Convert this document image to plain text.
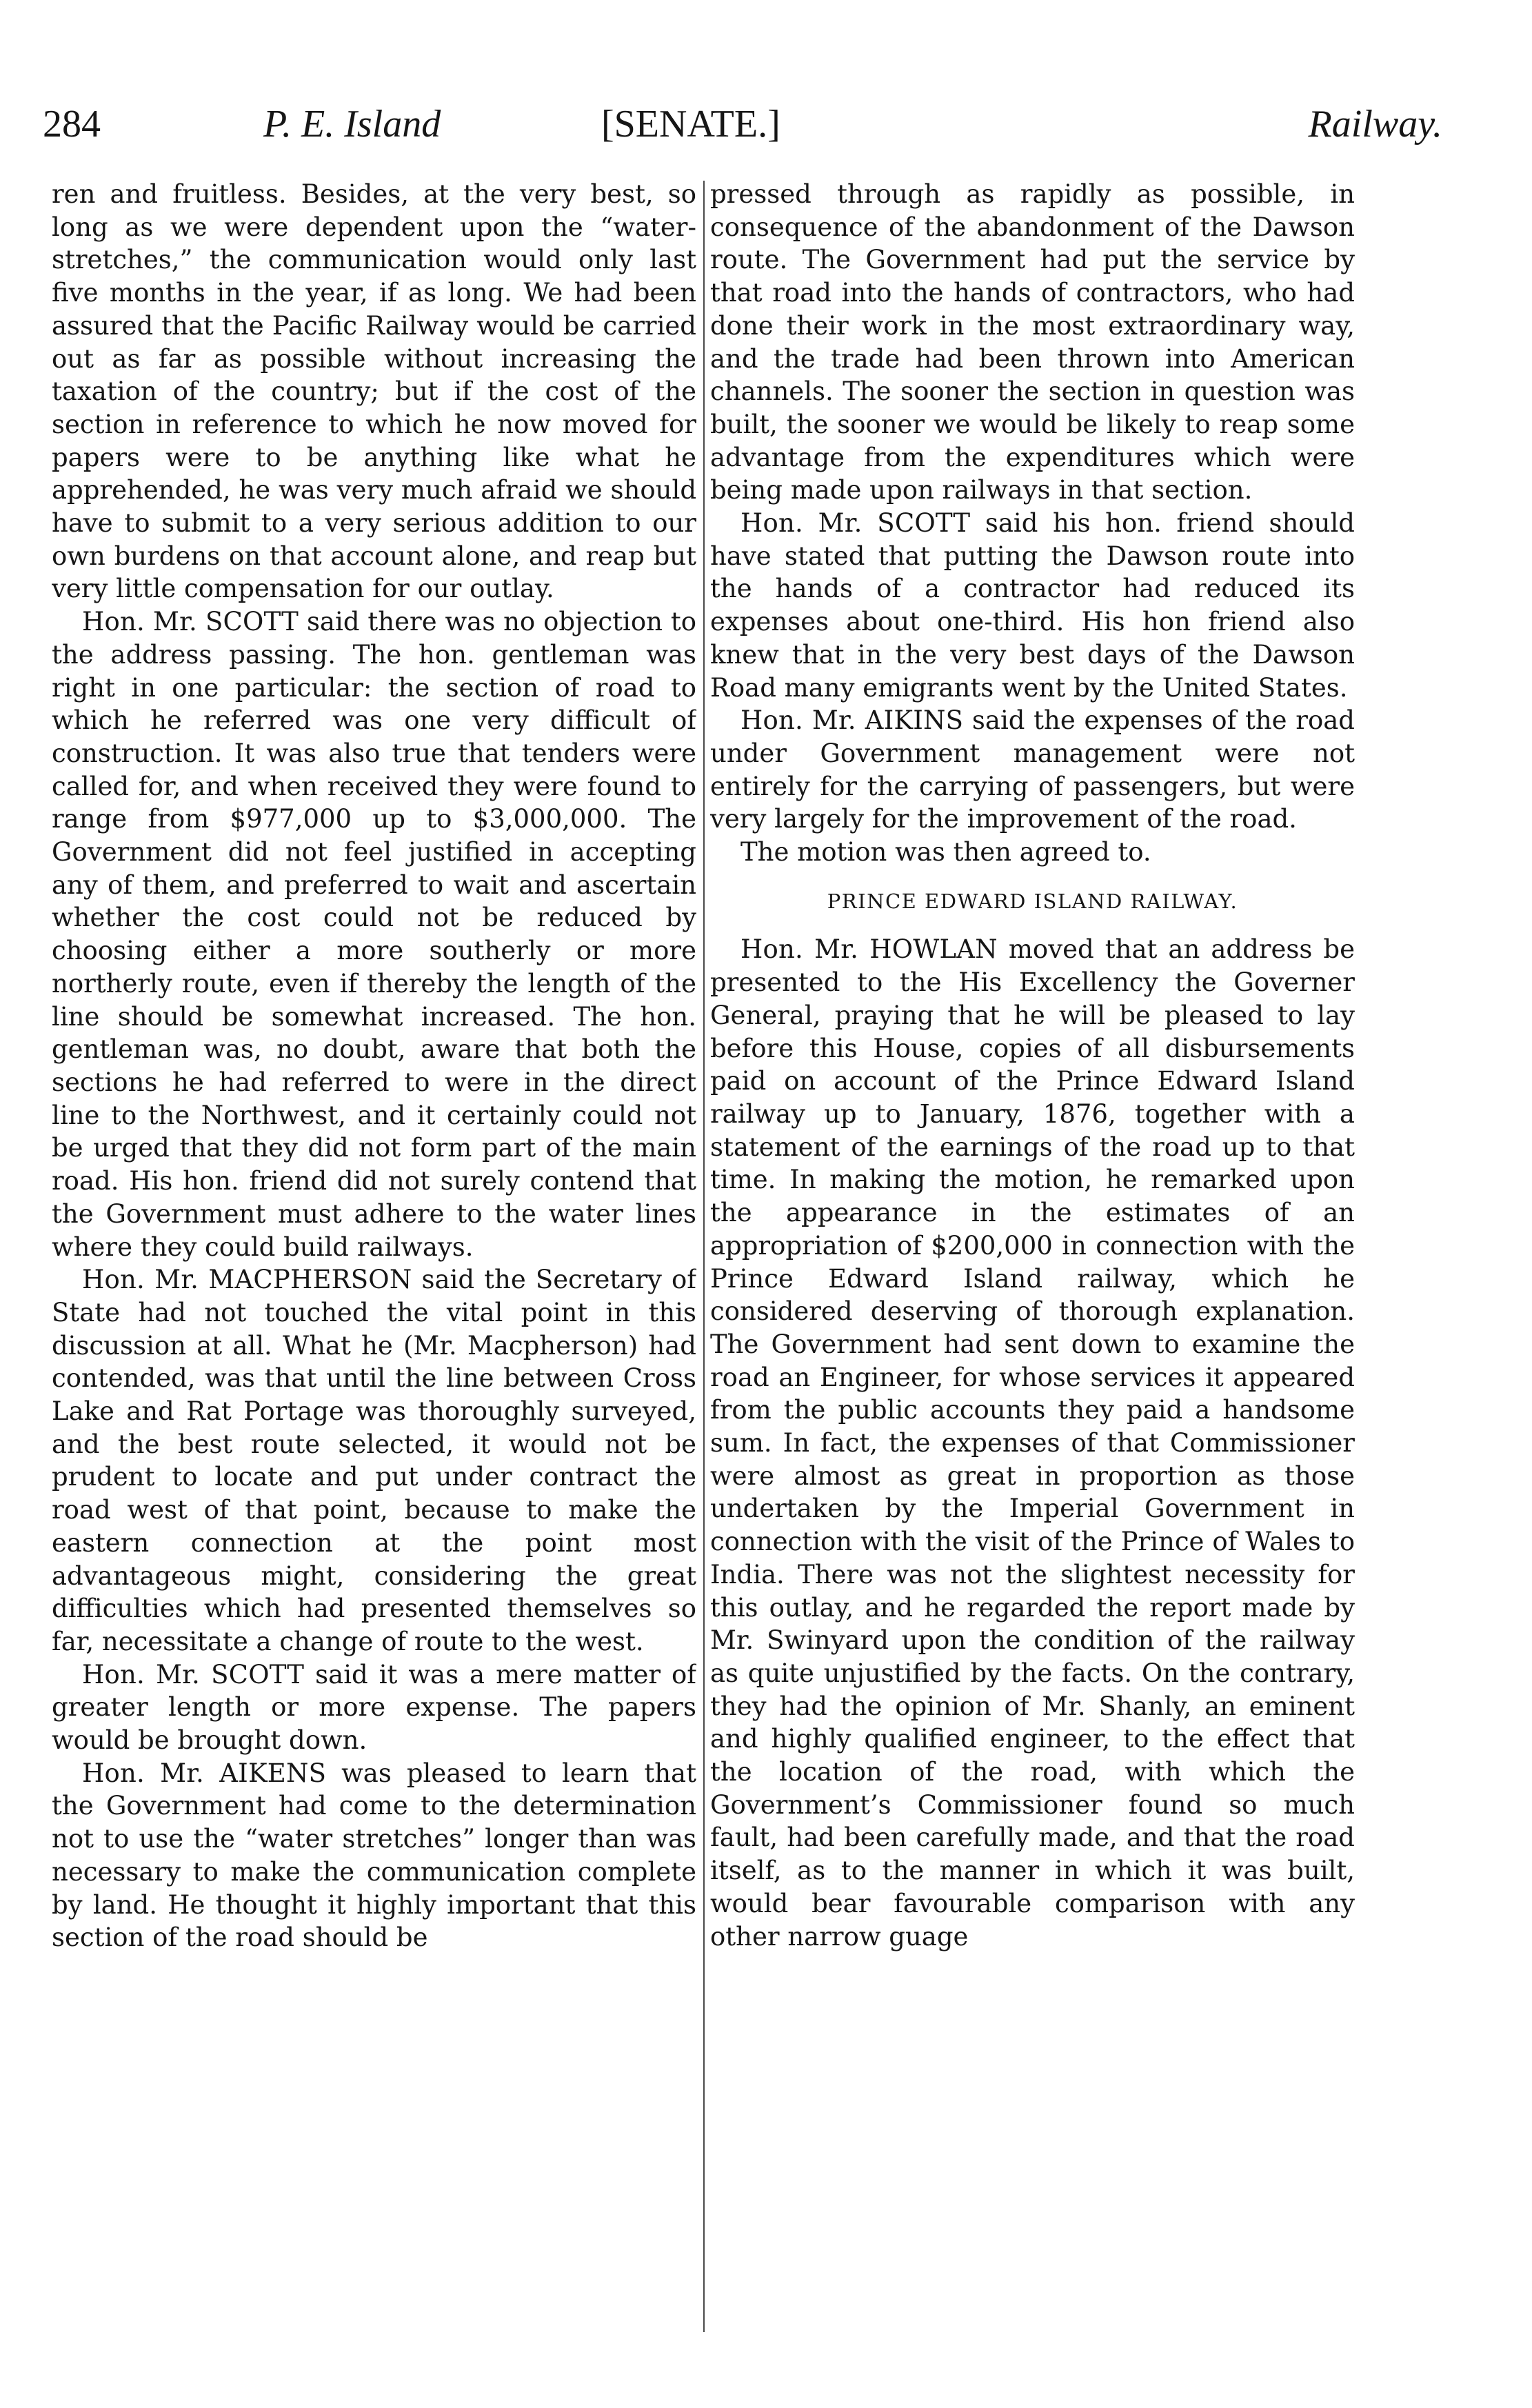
284	P. E. Island	[SENATE.]	Railway.

ren and fruitless. Besides, at the very best, so long as we were dependent upon the “water-stretches,” the communication would only last five months in the year, if as long. We had been assured that the Pacific Railway would be carried out as far as possible without increasing the taxation of the country; but if the cost of the section in reference to which he now moved for papers were to be anything like what he apprehended, he was very much afraid we should have to submit to a very serious addition to our own burdens on that account alone, and reap but very little compensation for our outlay.

Hon. Mr. SCOTT said there was no objection to the address passing. The hon. gentleman was right in one particular: the section of road to which he referred was one very difficult of construction. It was also true that tenders were called for, and when received they were found to range from $977,000 up to $3,000,000. The Government did not feel justified in accepting any of them, and preferred to wait and ascertain whether the cost could not be reduced by choosing either a more southerly or more northerly route, even if thereby the length of the line should be somewhat increased. The hon. gentleman was, no doubt, aware that both the sections he had referred to were in the direct line to the Northwest, and it certainly could not be urged that they did not form part of the main road. His hon. friend did not surely contend that the Government must adhere to the water lines where they could build railways.

Hon. Mr. MACPHERSON said the Secretary of State had not touched the vital point in this discussion at all. What he (Mr. Macpherson) had contended, was that until the line between Cross Lake and Rat Portage was thoroughly surveyed, and the best route selected, it would not be prudent to locate and put under contract the road west of that point, because to make the eastern connection at the point most advantageous might, considering the great difficulties which had presented themselves so far, necessitate a change of route to the west.

Hon. Mr. SCOTT said it was a mere matter of greater length or more expense. The papers would be brought down.

Hon. Mr. AIKENS was pleased to learn that the Government had come to the determination not to use the “water stretches” longer than was necessary to make the communication complete by land. He thought it highly important that this section of the road should be

pressed through as rapidly as possible, in consequence of the abandonment of the Dawson route. The Government had put the service by that road into the hands of contractors, who had done their work in the most extraordinary way, and the trade had been thrown into American channels. The sooner the section in question was built, the sooner we would be likely to reap some advantage from the expenditures which were being made upon railways in that section.

Hon. Mr. SCOTT said his hon. friend should have stated that putting the Dawson route into the hands of a contractor had reduced its expenses about one-third. His hon friend also knew that in the very best days of the Dawson Road many emigrants went by the United States.

Hon. Mr. AIKINS said the expenses of the road under Government management were not entirely for the carrying of passengers, but were very largely for the improvement of the road.

The motion was then agreed to.

PRINCE EDWARD ISLAND RAILWAY.

Hon. Mr. HOWLAN moved that an address be presented to the His Excellency the Governer General, praying that he will be pleased to lay before this House, copies of all disbursements paid on account of the Prince Edward Island railway up to January, 1876, together with a statement of the earnings of the road up to that time. In making the motion, he remarked upon the appearance in the estimates of an appropriation of $200,000 in connection with the Prince Edward Island railway, which he considered deserving of thorough explanation. The Government had sent down to examine the road an Engineer, for whose services it appeared from the public accounts they paid a handsome sum. In fact, the expenses of that Commissioner were almost as great in proportion as those undertaken by the Imperial Government in connection with the visit of the Prince of Wales to India. There was not the slightest necessity for this outlay, and he regarded the report made by Mr. Swinyard upon the condition of the railway as quite unjustified by the facts. On the contrary, they had the opinion of Mr. Shanly, an eminent and highly qualified engineer, to the effect that the location of the road, with which the Government’s Commissioner found so much fault, had been carefully made, and that the road itself, as to the manner in which it was built, would bear favourable comparison with any other narrow guage
